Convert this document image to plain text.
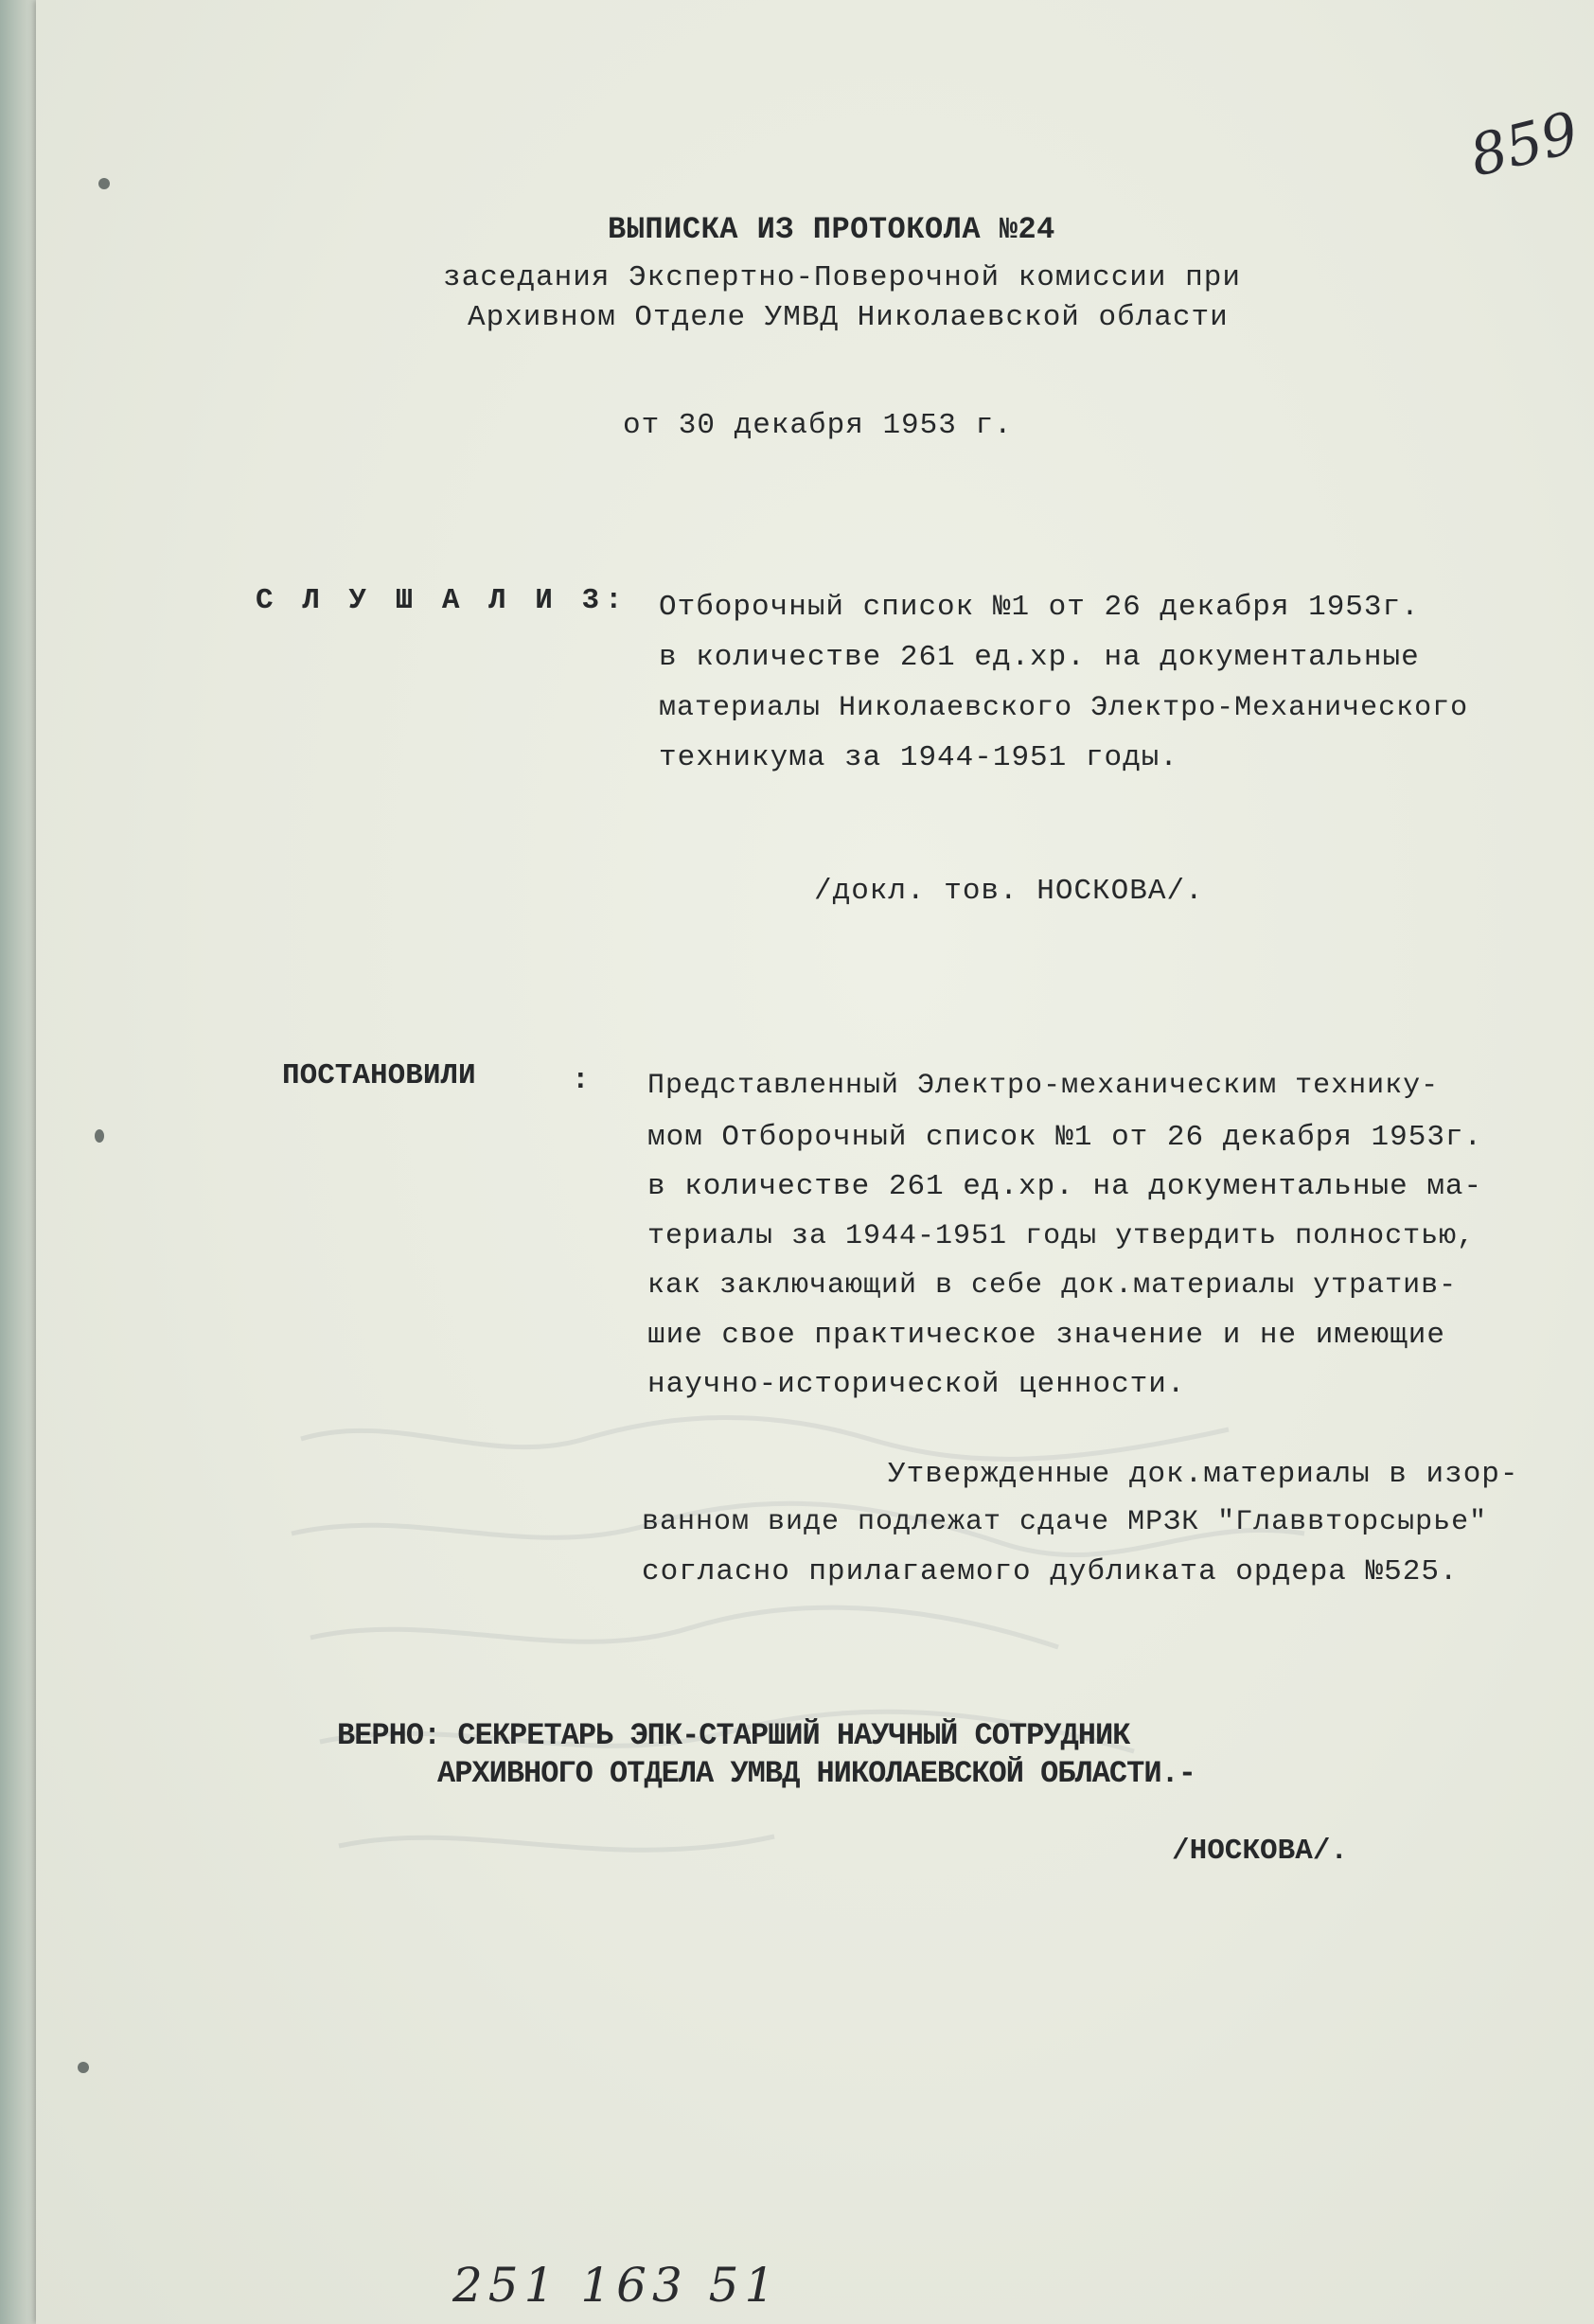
859
ВЫПИСКА ИЗ ПРОТОКОЛА №24
заседания Экспертно-Поверочной комиссии при
Архивном Отделе УМВД Николаевской области
от 30 декабря 1953 г.
С Л У Ш А Л И 3: Отборочный список №1 от 26 декабря 1953г.
в количестве 261 ед.хр. на документальные
материалы Николаевского Электро-Механического
техникума за 1944-1951 годы.
/докл. тов. НОСКОВА/.
ПОСТАНОВИЛИ	: Представленный Электро-механическим технику-
мом Отборочный список №1 от 26 декабря 1953г.
в количестве 261 ед.хр. на документальные ма-
териалы за 1944-1951 годы утвердить полностью,
как заключающий в себе док.материалы утратив-
шие свое практическое значение и не имеющие
научно-исторической ценности.
Утвержденные док.материалы в изор-
ванном виде подлежат сдаче МРЗК "Главвторсырье"
согласно прилагаемого дубликата ордера №525.
ВЕРНО: СЕКРЕТАРЬ ЭПК-СТАРШИЙ НАУЧНЫЙ СОТРУДНИК
АРХИВНОГО ОТДЕЛА УМВД НИКОЛАЕВСКОЙ ОБЛАСТИ.-
/НОСКОВА/.
251 163 51
